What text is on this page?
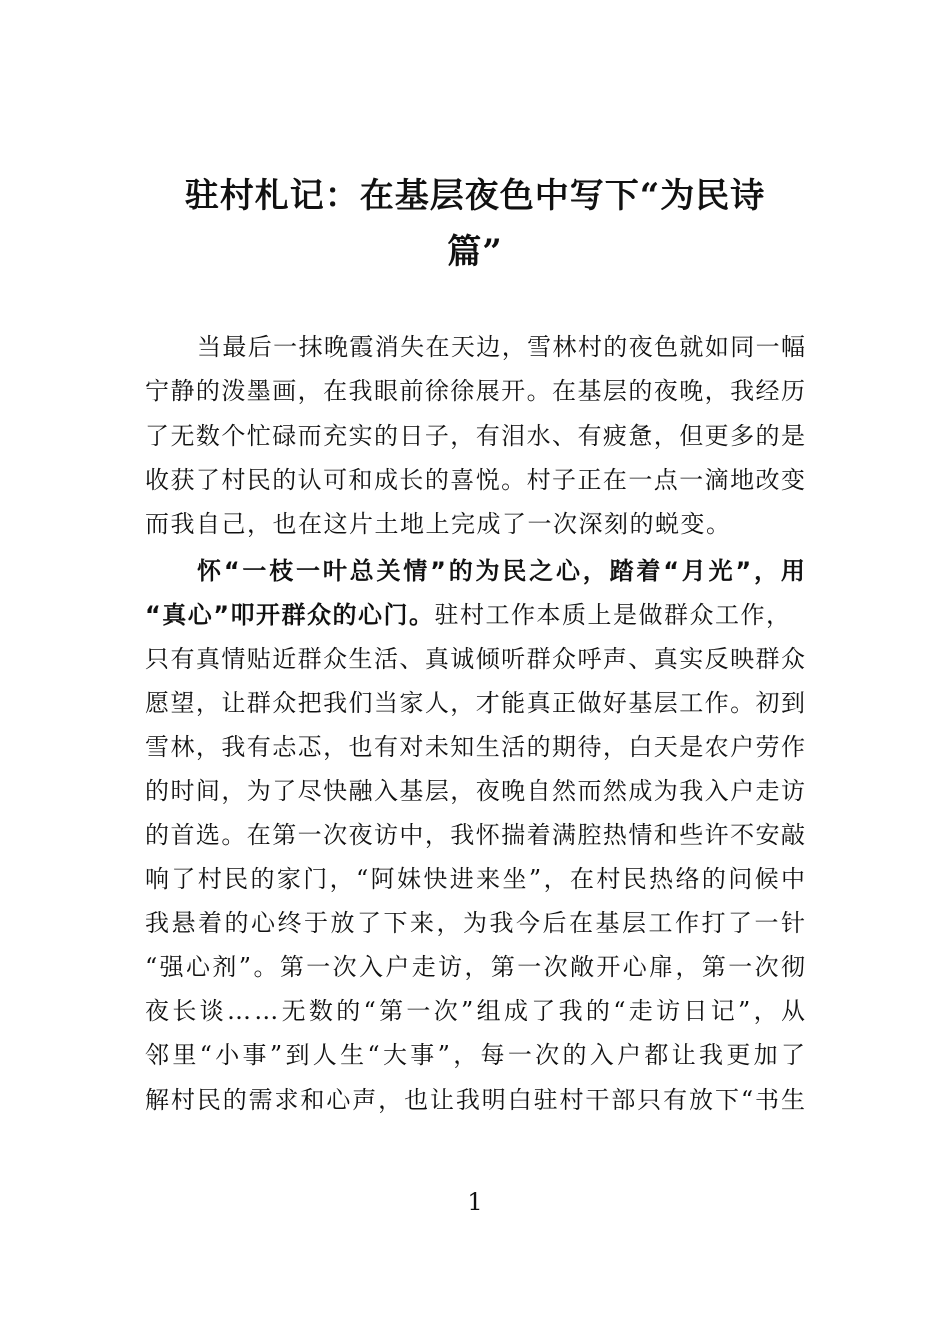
驻村札记：在基层夜色中写下“为民诗
篇”
当 最 后 一 抹 晚 霞 消 失 在 天 边 ， 雪 林 村 的 夜 色 就 如 同 一 幅
宁 静 的 泼 墨 画 ， 在 我 眼 前 徐 徐 展 开 。 在 基 层 的 夜 晚 ， 我 经 历
了 无 数 个 忙 碌 而 充 实 的 日 子 ， 有 泪 水 、 有 疲 惫 ， 但 更 多 的 是
收 获 了 村 民 的 认 可 和 成 长 的 喜 悦 。 村 子 正 在 一 点 一 滴 地 改 变
而我自己，也在这片土地上完成了一次深刻的蜕变。
怀 “ 一 枝 一 叶 总 关 情 ” 的 为 民 之 心 ， 踏 着 “ 月 光 ” ， 用
“真心”叩开群众的心门。驻村工作本质上是做群众工作，
只 有 真 情 贴 近 群 众 生 活 、 真 诚 倾 听 群 众 呼 声 、 真 实 反 映 群 众
愿 望 ， 让 群 众 把 我 们 当 家 人 ， 才 能 真 正 做 好 基 层 工 作 。 初 到
雪 林 ， 我 有 忐 忑 ， 也 有 对 未 知 生 活 的 期 待 ， 白 天 是 农 户 劳 作
的 时 间 ， 为 了 尽 快 融 入 基 层 ， 夜 晚 自 然 而 然 成 为 我 入 户 走 访
的 首 选 。 在 第 一 次 夜 访 中 ， 我 怀 揣 着 满 腔 热 情 和 些 许 不 安 敲
响 了 村 民 的 家 门 ， “ 阿 妹 快 进 来 坐 ” ， 在 村 民 热 络 的 问 候 中
我 悬 着 的 心 终 于 放 了 下 来 ， 为 我 今 后 在 基 层 工 作 打 了 一 针
“ 强 心 剂 ” 。 第 一 次 入 户 走 访 ， 第 一 次 敞 开 心 扉 ， 第 一 次 彻
夜 长 谈 … … 无 数 的 “ 第 一 次 ” 组 成 了 我 的 “ 走 访 日 记 ” ， 从
邻 里 “ 小 事 ” 到 人 生 “ 大 事 ” ， 每 一 次 的 入 户 都 让 我 更 加 了
解 村 民 的 需 求 和 心 声 ， 也 让 我 明 白 驻 村 干 部 只 有 放 下 “ 书 生
1
